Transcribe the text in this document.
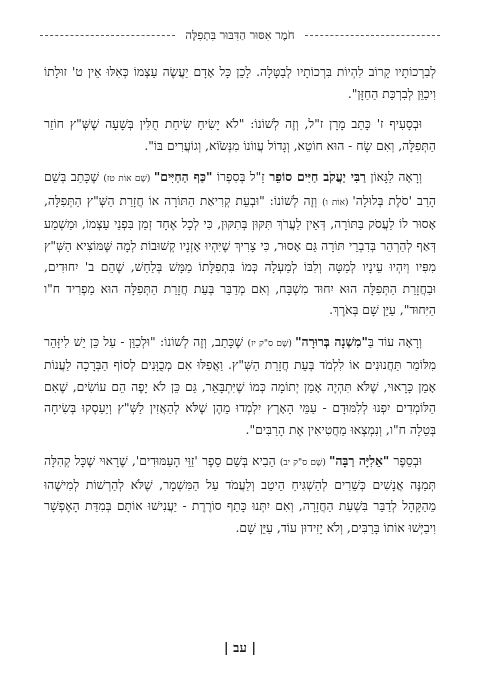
חֹמֶר אִסּוּר הַדִּבּוּר בִּתְפִלָּה

לְבִרְכוֹתָיו קָרוֹב לִהְיוֹת בִּרְכוֹתָיו לְבַטָּלָה. לָכֵן כָּל אָדָם יַעֲשֶׂה עַצְמוֹ כְּאִלּוּ אֵין ט' זוּלָתוֹ וִיכַוֵּן לְבִרְכַּת הַחַזָּן".

וּבְסָעִיף ז' כָּתַב מָרָן ז"ל, וְזֶה לְשׁוֹנוֹ: "לֹא יָשִׂיחַ שִׂיחַת חֻלִּין בְּשָׁעָה שֶׁשְּׁ"ץ חוֹזֵר הַתְּפִלָּה, וְאִם שָׂח - הוּא חוֹטֵא, וְגָדוֹל עֲווֹנוֹ מִנְּשֹׂוֹא, וְגוֹעֲרִים בּוֹ".

וְרָאָה לַגָּאוֹן רַבִּי יַעֲקֹב חַיִּים סוֹפֵר זַ"ל בְּסִפְרוֹ "כַּף הַחַיִּים" (שָׁם אוֹת טז) שֶׁכָּתַב בְּשֵׁם הָרַב 'סֹלֶת בְּלוּלָה' (אוֹת ו) וְזֶה לְשׁוֹנוֹ: "וּבְעֵת קְרִיאַת הַתּוֹרָה אוֹ חֲזָרַת הַשְּׁ"ץ הַתְּפִלָּה, אָסוּר לוֹ לַעֲסֹק בַּתּוֹרָה, דְּאֵין לַעֲרֹךְ תִּקּוּן בְּתִקּוּן, כִּי לְכָל אֶחָד זְמַן בִּפְנֵי עַצְמוֹ, וּמַשְׁמַע דְּאַף לְהַרְהֵר בְּדִבְרֵי תּוֹרָה גַּם אָסוּר, כִּי צָרִיךְ שֶׁיִּהְיוּ אָזְנָיו קְשׁוּבוֹת לְמָה שֶּׁמּוֹצִיא הַשְּׁ"ץ מִפִּיו וְיִהְיוּ עֵינָיו לְמַטָּה וְלִבּוֹ לְמַעְלָה כְּמוֹ בִּתְפִלָּתוֹ מַמָּשׁ בְּלַחַשׁ, שֶׁהֵם ב' יִחוּדִים, וּבַחֲזָרַת הַתְּפִלָּה הוּא יִחוּד מִשְׁבָּח, וְאִם מְדַבֵּר בְּעֵת חֲזָרַת הַתְּפִלָּה הוּא מַפְרִיד ח"ו הַיִּחוּד", עַיֵּן שָׁם בְּאֹרֶךְ.

וְרָאָה עוֹד בַּ"מִשְׁנָה בְּרוּרָה" (שָׁם ס"ק יז) שֶׁכָּתַב, וְזֶה לְשׁוֹנוֹ: "וּלְכַוֵּן - עַל כֵּן יֵשׁ לִיזָּהֵר מִלּוֹמַר תַּחֲנוּנִים אוֹ לִלְמֹד בְּעֵת חֲזָרַת הַשְּׁ"ץ. וַאֲפִלּוּ אִם מְכֻוָּנִים לְסוֹף הַבְּרָכָה לַעֲנוֹת אָמֵן כָּרָאוּי, שֶׁלֹּא תִּהְיֶה אָמֵן יְתוֹמָה כְּמוֹ שֶׁיִּתְבָּאֵר, גַּם כֵּן לֹא יָפֶה הֵם עוֹשִׂים, שֶׁאִם הַלּוֹמְדִים יִפְנוּ לְלִמּוּדָם - עַמֵּי הָאָרֶץ יִלְמְדוּ מֵהֶן שֶׁלֹּא לְהַאֲזִין לַשְּׁ"ץ וְיַעַסְקוּ בְּשִׂיחָה בְּטֵלָה ח"ו, וְנִמְצְאוּ מַחֲטִיאִין אֶת הָרַבִּים".

וּבְסֵפֶר "אֵלִיָּה רַבָּה" (שָׁם ס"ק יב) הֵבִיא בְּשֵׁם סֵפֶר 'זַוֵּי הָעַמּוּדִים', שֶׁרָאוּי שֶׁכָּל קְהִלָּה תְּמַנֶּה אֲנָשִׁים כְּשֵׁרִים לְהַשְׁגִּיחַ הֵיטֵב וְלַעֲמֹד עַל הַמִּשְׁמָר, שֶׁלֹּא לְהַרְשׁוֹת לְמִישֶׁהוּ מֵהַקָּהָל לְדַבֵּר בִּשְׁעַת הַחֲזָרָה, וְאִם יִתְּנוּ כָּתֵף סוֹרֶרֶת - יַעֲנִישׁוּ אוֹתָם בְּמִדַּת הָאֶפְשָׁר וִיבַיְּשׁוּ אוֹתוֹ בָּרַבִּים, וְלֹא יָזִידוּן עוֹד, עַיֵּן שָׁם.

| עב |
